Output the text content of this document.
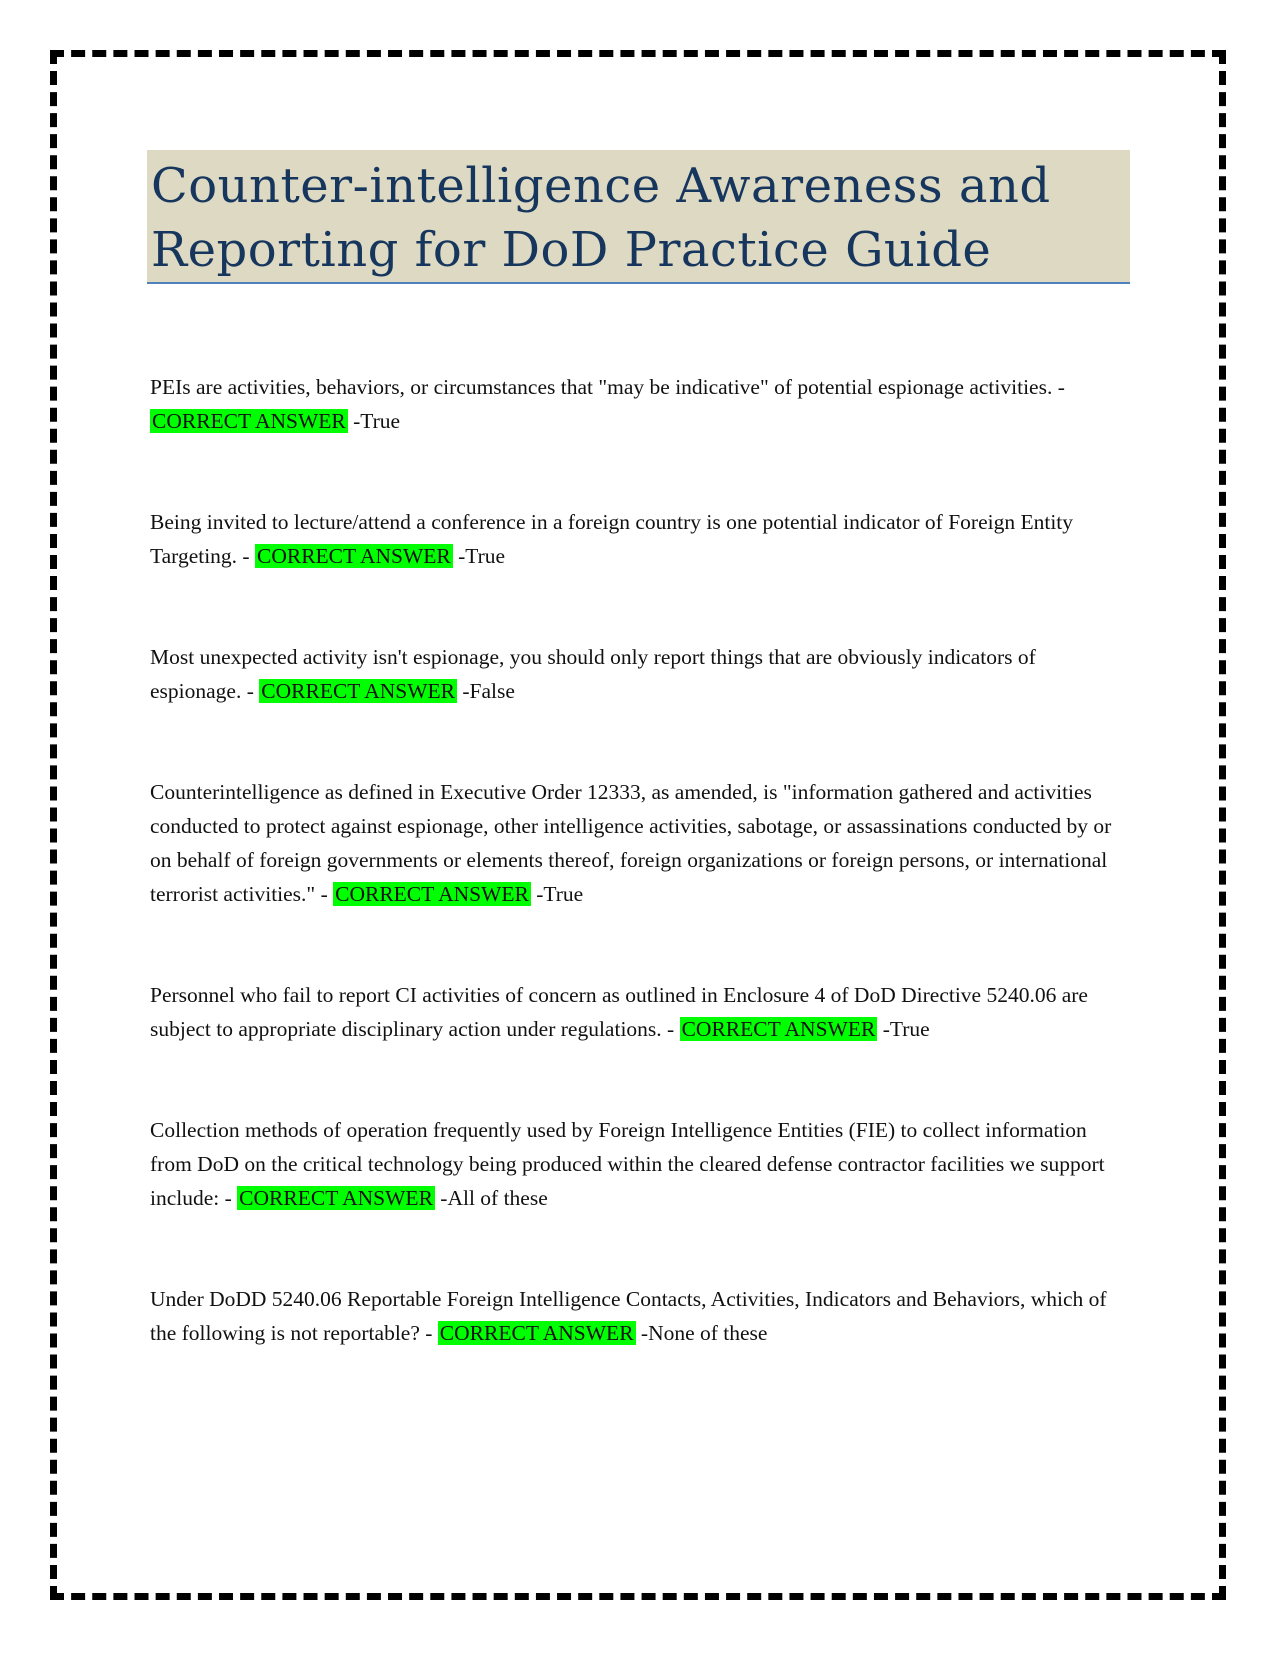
Counter-intelligence Awareness and Reporting for DoD Practice Guide

PEIs are activities, behaviors, or circumstances that "may be indicative" of potential espionage activities. - CORRECT ANSWER -True

Being invited to lecture/attend a conference in a foreign country is one potential indicator of Foreign Entity Targeting. - CORRECT ANSWER -True

Most unexpected activity isn't espionage, you should only report things that are obviously indicators of espionage. - CORRECT ANSWER -False

Counterintelligence as defined in Executive Order 12333, as amended, is "information gathered and activities conducted to protect against espionage, other intelligence activities, sabotage, or assassinations conducted by or on behalf of foreign governments or elements thereof, foreign organizations or foreign persons, or international terrorist activities." - CORRECT ANSWER -True

Personnel who fail to report CI activities of concern as outlined in Enclosure 4 of DoD Directive 5240.06 are subject to appropriate disciplinary action under regulations. - CORRECT ANSWER -True

Collection methods of operation frequently used by Foreign Intelligence Entities (FIE) to collect information from DoD on the critical technology being produced within the cleared defense contractor facilities we support include: - CORRECT ANSWER -All of these

Under DoDD 5240.06 Reportable Foreign Intelligence Contacts, Activities, Indicators and Behaviors, which of the following is not reportable? - CORRECT ANSWER -None of these
